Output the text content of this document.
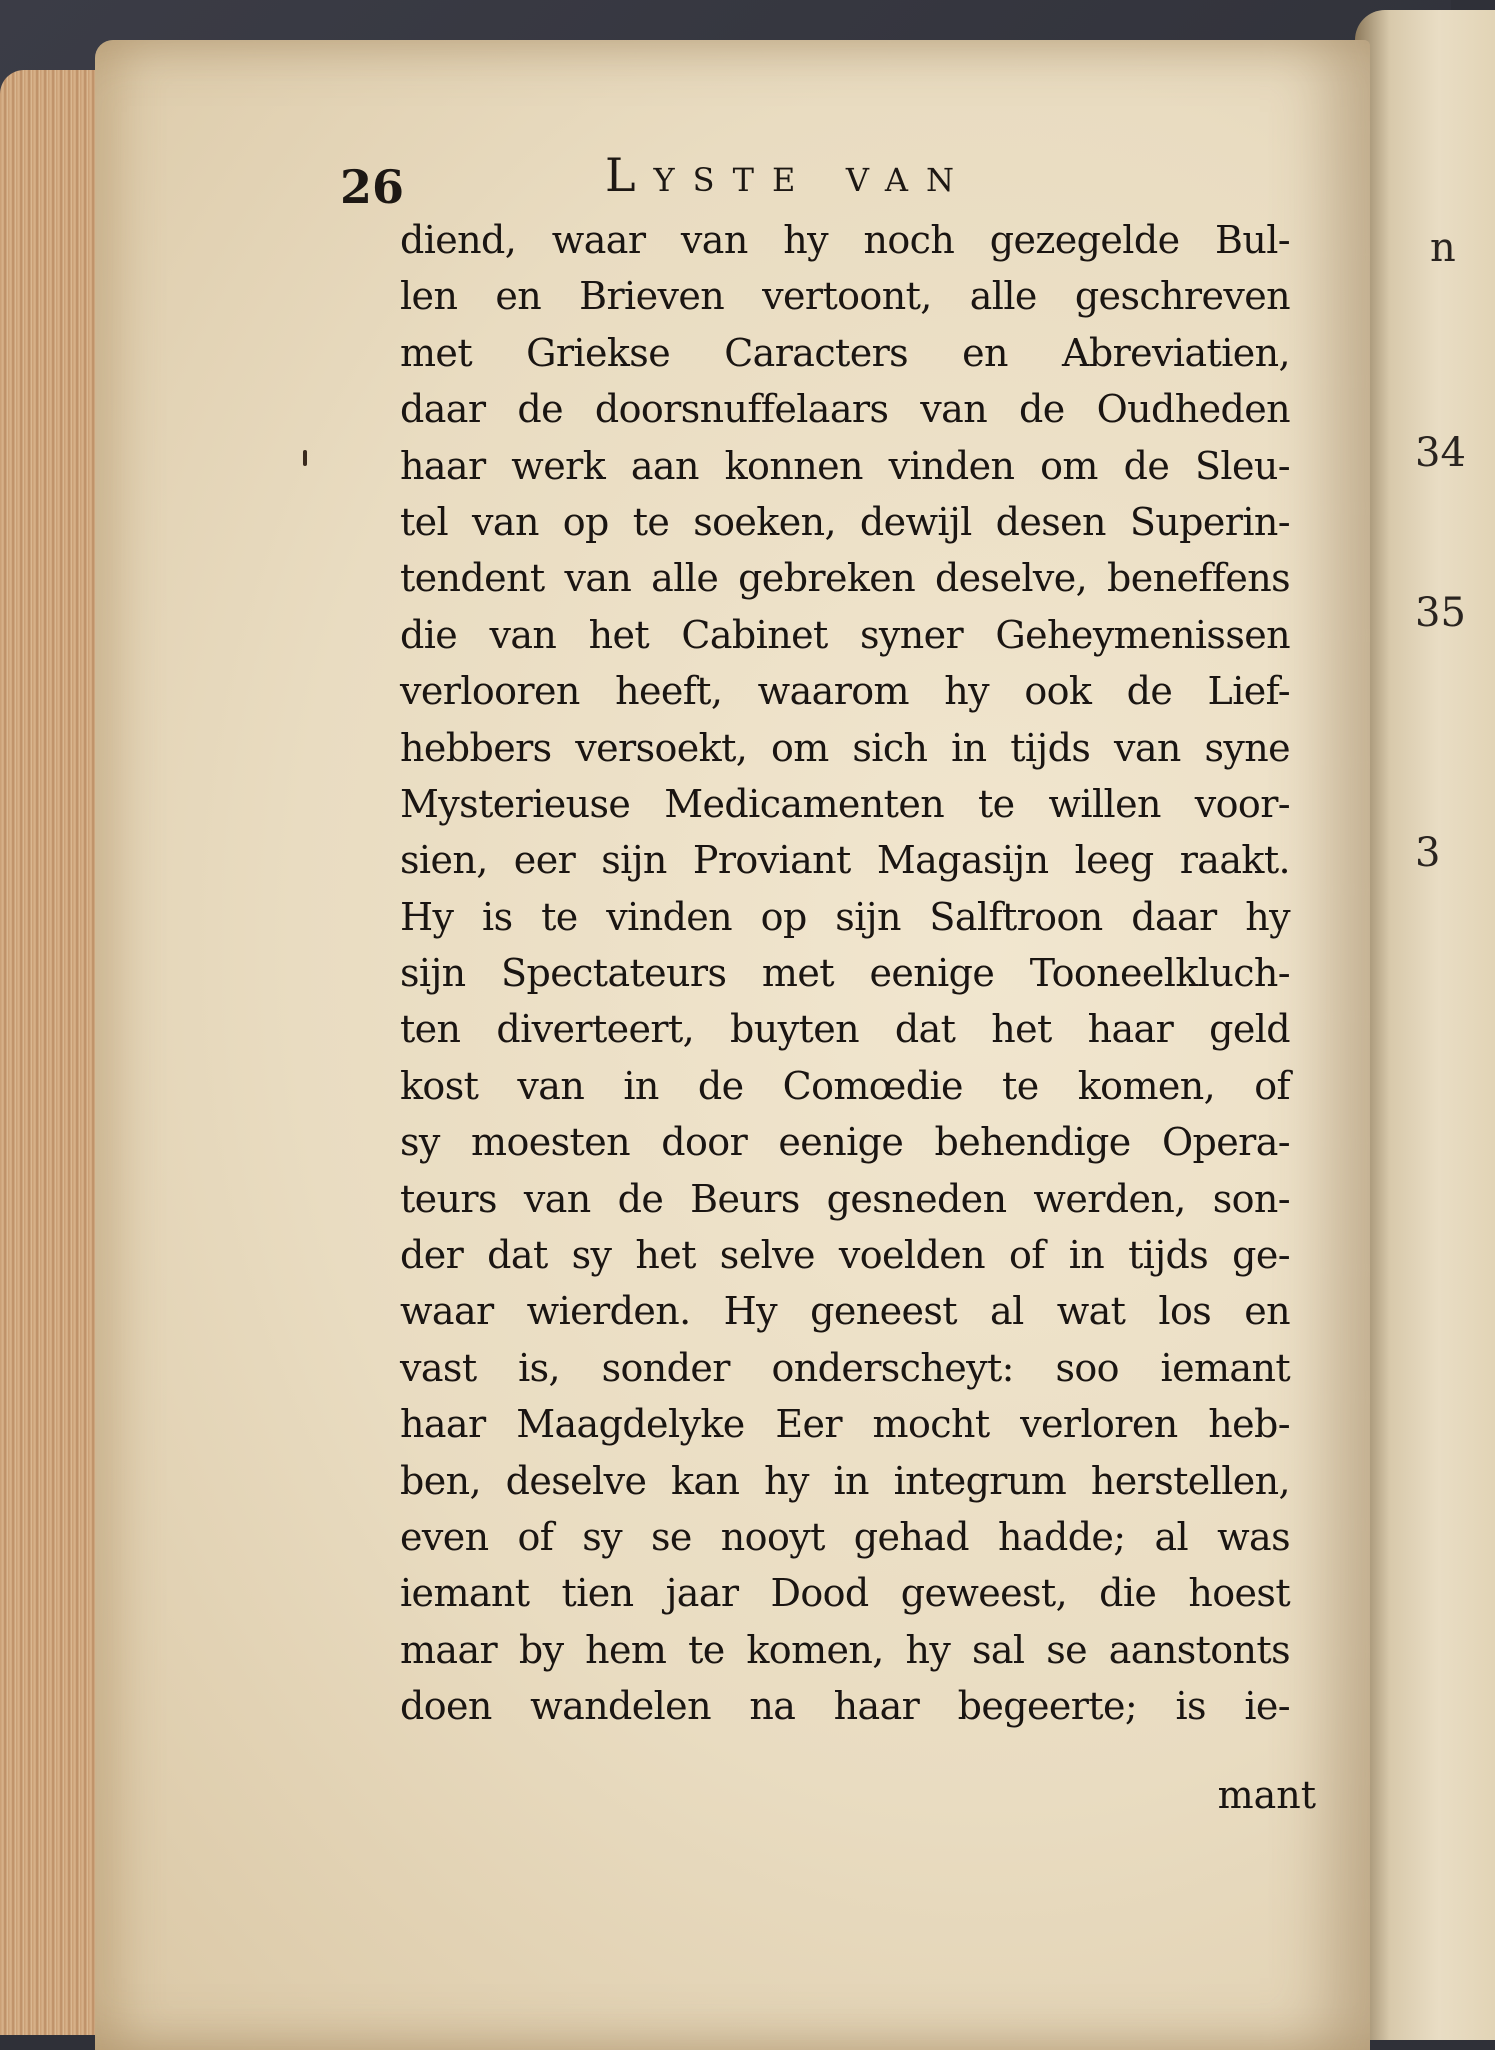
n
34
35
3
26	Lyste van
diend, waar van hy noch gezegelde Bul-
len en Brieven vertoont, alle geschreven
met Griekse Caracters en Abreviatien,
daar de doorsnuffelaars van de Oudheden
haar werk aan konnen vinden om de Sleu-
tel van op te soeken, dewijl desen Superin-
tendent van alle gebreken deselve, beneffens
die van het Cabinet syner Geheymenissen
verlooren heeft, waarom hy ook de Lief-
hebbers versoekt, om sich in tijds van syne
Mysterieuse Medicamenten te willen voor-
sien, eer sijn Proviant Magasijn leeg raakt.
Hy is te vinden op sijn Salftroon daar hy
sijn Spectateurs met eenige Tooneelkluch-
ten diverteert, buyten dat het haar geld
kost van in de Comœdie te komen, of
sy moesten door eenige behendige Opera-
teurs van de Beurs gesneden werden, son-
der dat sy het selve voelden of in tijds ge-
waar wierden. Hy geneest al wat los en
vast is, sonder onderscheyt: soo iemant
haar Maagdelyke Eer mocht verloren heb-
ben, deselve kan hy in integrum herstellen,
even of sy se nooyt gehad hadde; al was
iemant tien jaar Dood geweest, die hoest
maar by hem te komen, hy sal se aanstonts
doen wandelen na haar begeerte; is ie-
mant
